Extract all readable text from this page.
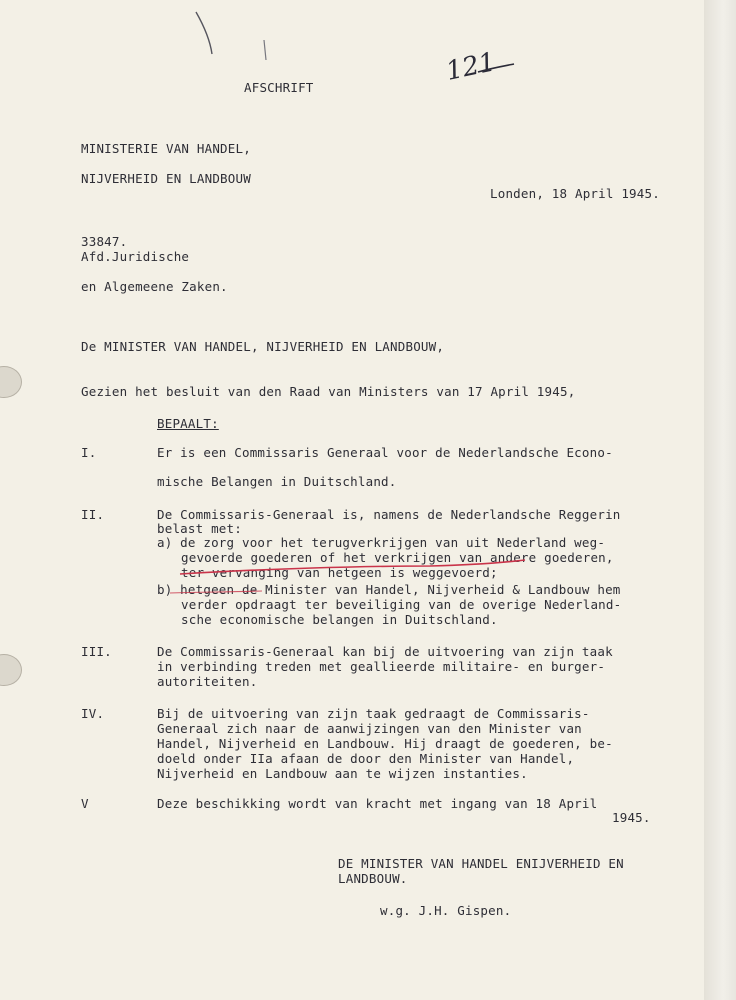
121
AFSCHRIFT
MINISTERIE VAN HANDEL,
NIJVERHEID EN LANDBOUW
Londen, 18 April 1945.
33847.
Afd.Juridische
en Algemeene Zaken.
De MINISTER VAN HANDEL, NIJVERHEID EN LANDBOUW,
Gezien het besluit van den Raad van Ministers van 17 April 1945,
BEPAALT:
I.	Er is een Commissaris Generaal voor de Nederlandsche Econo-
mische Belangen in Duitschland.
II.	De Commissaris-Generaal is, namens de Nederlandsche Reggerin
belast met:
a) de zorg voor het terugverkrijgen van uit Nederland weg-
gevoerde goederen of het verkrijgen van andere goederen,
ter vervanging van hetgeen is weggevoerd;
b) hetgeen de Minister van Handel, Nijverheid & Landbouw hem
verder opdraagt ter beveiliging van de overige Nederland-
sche economische belangen in Duitschland.
III.	De Commissaris-Generaal kan bij de uitvoering van zijn taak
in verbinding treden met geallieerde militaire- en burger-
autoriteiten.
IV.	Bij de uitvoering van zijn taak gedraagt de Commissaris-
Generaal zich naar de aanwijzingen van den Minister van
Handel, Nijverheid en Landbouw. Hij draagt de goederen, be-
doeld onder IIa afaan de door den Minister van Handel,
Nijverheid en Landbouw aan te wijzen instanties.
V	Deze beschikking wordt van kracht met ingang van 18 April
1945.
DE MINISTER VAN HANDEL ENIJVERHEID EN
LANDBOUW.
w.g. J.H. Gispen.
